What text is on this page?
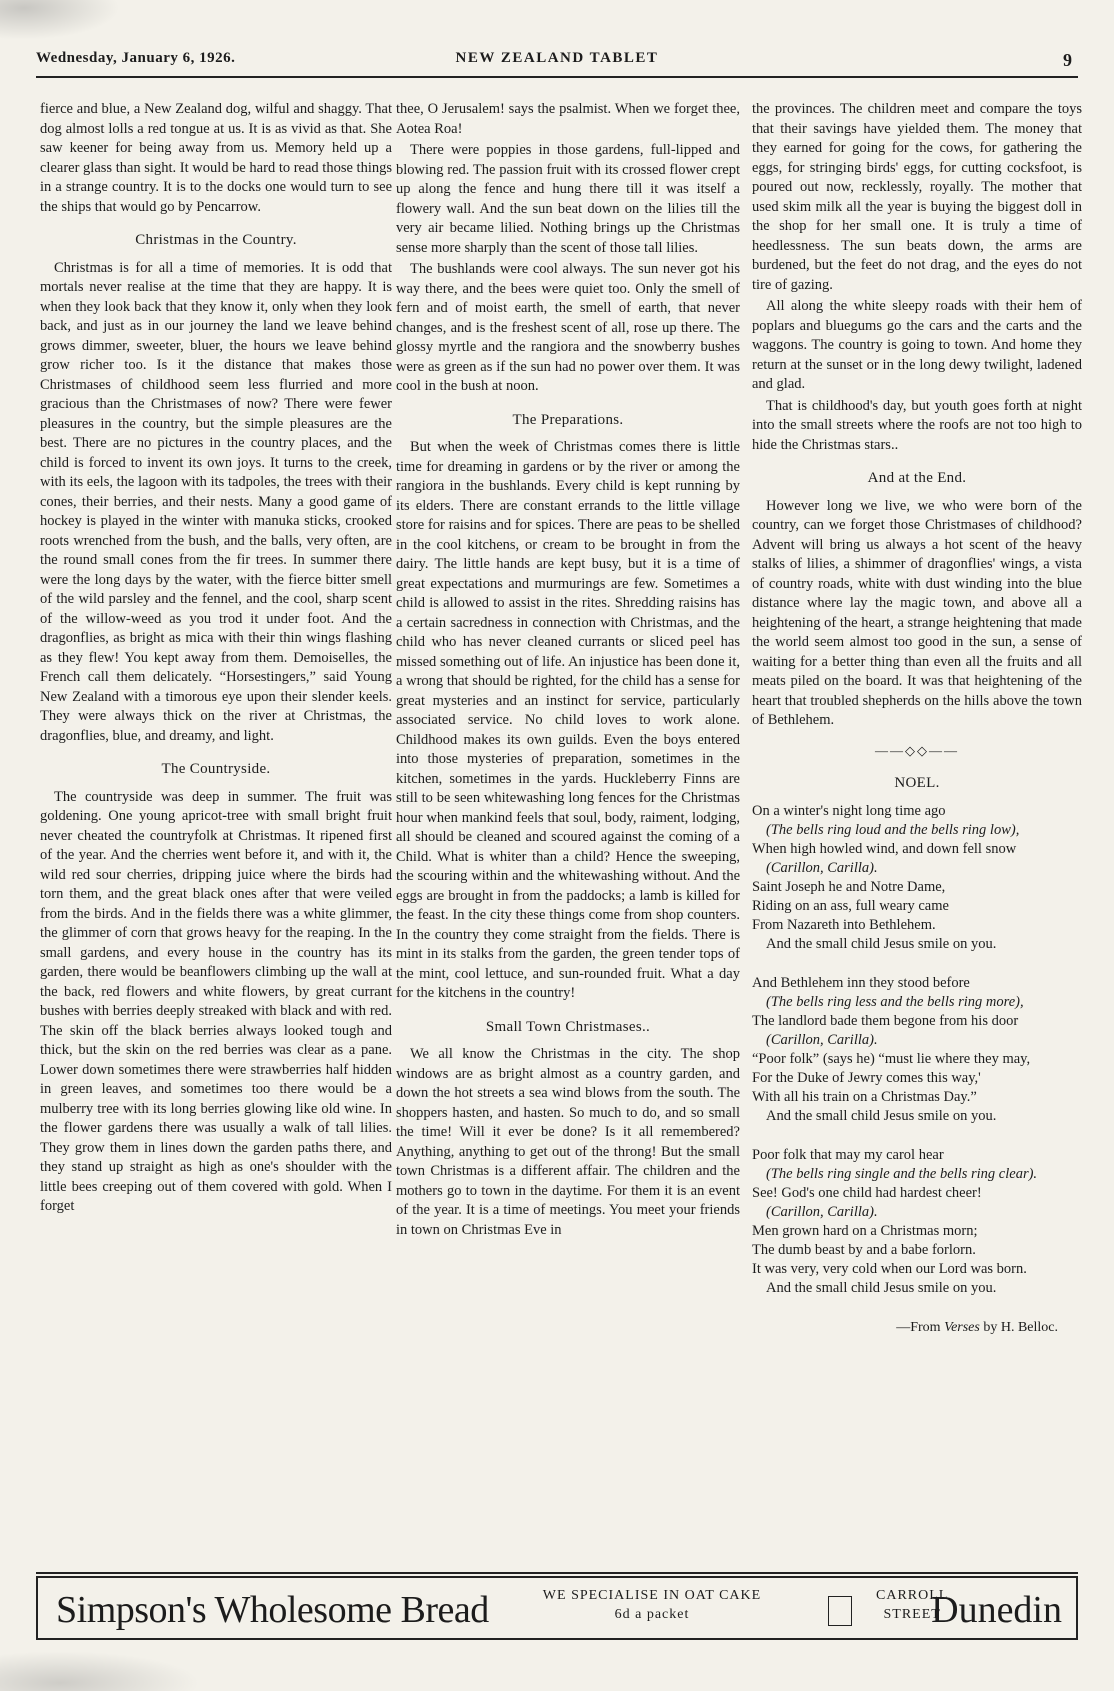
Wednesday, January 6, 1926.	NEW ZEALAND TABLET	9

fierce and blue, a New Zealand dog, wilful and shaggy. That dog almost lolls a red tongue at us. It is as vivid as that. She saw keener for being away from us. Memory held up a clearer glass than sight. It would be hard to read those things in a strange country. It is to the docks one would turn to see the ships that would go by Pencarrow.

Christmas in the Country.

Christmas is for all a time of memories. It is odd that mortals never realise at the time that they are happy. It is when they look back that they know it, only when they look back, and just as in our journey the land we leave behind grows dimmer, sweeter, bluer, the hours we leave behind grow richer too. Is it the distance that makes those Christmases of childhood seem less flurried and more gracious than the Christmases of now? There were fewer pleasures in the country, but the simple pleasures are the best. There are no pictures in the country places, and the child is forced to invent its own joys. It turns to the creek, with its eels, the lagoon with its tadpoles, the trees with their cones, their berries, and their nests. Many a good game of hockey is played in the winter with manuka sticks, crooked roots wrenched from the bush, and the balls, very often, are the round small cones from the fir trees. In summer there were the long days by the water, with the fierce bitter smell of the wild parsley and the fennel, and the cool, sharp scent of the willow-weed as you trod it under foot. And the dragonflies, as bright as mica with their thin wings flashing as they flew! You kept away from them. Demoiselles, the French call them delicately. “Horsestingers,” said Young New Zealand with a timorous eye upon their slender keels. They were always thick on the river at Christmas, the dragonflies, blue, and dreamy, and light.

The Countryside.

The countryside was deep in summer. The fruit was goldening. One young apricot-tree with small bright fruit never cheated the countryfolk at Christmas. It ripened first of the year. And the cherries went before it, and with it, the wild red sour cherries, dripping juice where the birds had torn them, and the great black ones after that were veiled from the birds. And in the fields there was a white glimmer, the glimmer of corn that grows heavy for the reaping. In the small gardens, and every house in the country has its garden, there would be beanflowers climbing up the wall at the back, red flowers and white flowers, by great currant bushes with berries deeply streaked with black and with red. The skin off the black berries always looked tough and thick, but the skin on the red berries was clear as a pane. Lower down sometimes there were strawberries half hidden in green leaves, and sometimes too there would be a mulberry tree with its long berries glowing like old wine. In the flower gardens there was usually a walk of tall lilies. They grow them in lines down the garden paths there, and they stand up straight as high as one's shoulder with the little bees creeping out of them covered with gold. When I forget

thee, O Jerusalem! says the psalmist. When we forget thee, Aotea Roa!

There were poppies in those gardens, full-lipped and blowing red. The passion fruit with its crossed flower crept up along the fence and hung there till it was itself a flowery wall. And the sun beat down on the lilies till the very air became lilied. Nothing brings up the Christmas sense more sharply than the scent of those tall lilies.

The bushlands were cool always. The sun never got his way there, and the bees were quiet too. Only the smell of fern and of moist earth, the smell of earth, that never changes, and is the freshest scent of all, rose up there. The glossy myrtle and the rangiora and the snowberry bushes were as green as if the sun had no power over them. It was cool in the bush at noon.

The Preparations.

But when the week of Christmas comes there is little time for dreaming in gardens or by the river or among the rangiora in the bushlands. Every child is kept running by its elders. There are constant errands to the little village store for raisins and for spices. There are peas to be shelled in the cool kitchens, or cream to be brought in from the dairy. The little hands are kept busy, but it is a time of great expectations and murmurings are few. Sometimes a child is allowed to assist in the rites. Shredding raisins has a certain sacredness in connection with Christmas, and the child who has never cleaned currants or sliced peel has missed something out of life. An injustice has been done it, a wrong that should be righted, for the child has a sense for great mysteries and an instinct for service, particularly associated service. No child loves to work alone. Childhood makes its own guilds. Even the boys entered into those mysteries of preparation, sometimes in the kitchen, sometimes in the yards. Huckleberry Finns are still to be seen whitewashing long fences for the Christmas hour when mankind feels that soul, body, raiment, lodging, all should be cleaned and scoured against the coming of a Child. What is whiter than a child? Hence the sweeping, the scouring within and the whitewashing without. And the eggs are brought in from the paddocks; a lamb is killed for the feast. In the city these things come from shop counters. In the country they come straight from the fields. There is mint in its stalks from the garden, the green tender tops of the mint, cool lettuce, and sun-rounded fruit. What a day for the kitchens in the country!

Small Town Christmases..

We all know the Christmas in the city. The shop windows are as bright almost as a country garden, and down the hot streets a sea wind blows from the south. The shoppers hasten, and hasten. So much to do, and so small the time! Will it ever be done? Is it all remembered? Anything, anything to get out of the throng! But the small town Christmas is a different affair. The children and the mothers go to town in the daytime. For them it is an event of the year. It is a time of meetings. You meet your friends in town on Christmas Eve in

the provinces. The children meet and compare the toys that their savings have yielded them. The money that they earned for going for the cows, for gathering the eggs, for stringing birds' eggs, for cutting cocksfoot, is poured out now, recklessly, royally. The mother that used skim milk all the year is buying the biggest doll in the shop for her small one. It is truly a time of heedlessness. The sun beats down, the arms are burdened, but the feet do not drag, and the eyes do not tire of gazing.

All along the white sleepy roads with their hem of poplars and bluegums go the cars and the carts and the waggons. The country is going to town. And home they return at the sunset or in the long dewy twilight, ladened and glad.

That is childhood's day, but youth goes forth at night into the small streets where the roofs are not too high to hide the Christmas stars..

And at the End.

However long we live, we who were born of the country, can we forget those Christmases of childhood? Advent will bring us always a hot scent of the heavy stalks of lilies, a shimmer of dragonflies' wings, a vista of country roads, white with dust winding into the blue distance where lay the magic town, and above all a heightening of the heart, a strange heightening that made the world seem almost too good in the sun, a sense of waiting for a better thing than even all the fruits and all meats piled on the board. It was that heightening of the heart that troubled shepherds on the hills above the town of Bethlehem.

——◇◇——
NOEL.
On a winter's night long time ago
(The bells ring loud and the bells ring low),
When high howled wind, and down fell snow
(Carillon, Carilla).
Saint Joseph he and Notre Dame,
Riding on an ass, full weary came
From Nazareth into Bethlehem.
And the small child Jesus smile on you.
And Bethlehem inn they stood before
(The bells ring less and the bells ring more),
The landlord bade them begone from his door
(Carillon, Carilla).
“Poor folk” (says he) “must lie where they may,
For the Duke of Jewry comes this way,'
With all his train on a Christmas Day.”
And the small child Jesus smile on you.
Poor folk that may my carol hear
(The bells ring single and the bells ring clear).
See! God's one child had hardest cheer!
(Carillon, Carilla).
Men grown hard on a Christmas morn;
The dumb beast by and a babe forlorn.
It was very, very cold when our Lord was born.
And the small child Jesus smile on you.
—From Verses by H. Belloc.
Simpson's Wholesome Bread	WE SPECIALISE IN OAT CAKE
6d a packet
CARROLL
STREET
Dunedin
